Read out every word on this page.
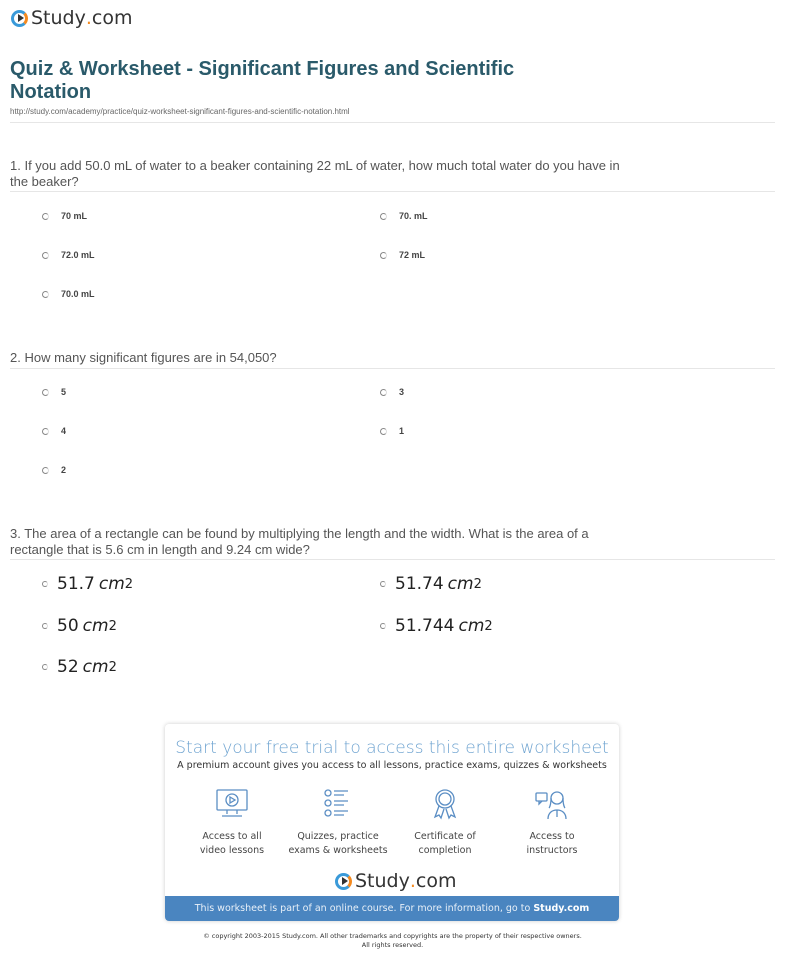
Study . com
Quiz & Worksheet - Significant Figures and Scientific Notation
http://study.com/academy/practice/quiz-worksheet-significant-figures-and-scientific-notation.html
1. If you add 50.0 mL of water to a beaker containing 22 mL of water, how much total water do you have in the beaker?
70 mL	70. mL
72.0 mL	72 mL
70.0 mL
2. How many significant figures are in 54,050?
5	3
4	1
2
3. The area of a rectangle can be found by multiplying the length and the width. What is the area of a rectangle that is 5.6 cm in length and 9.24 cm wide?
51.7 cm 2	51.74 cm 2
50 cm 2	51.744 cm 2
52 cm 2
Start your free trial to access this entire worksheet
A premium account gives you access to all lessons, practice exams, quizzes & worksheets
Access to all
video lessons
Quizzes, practice
exams & worksheets
Certificate of
completion
Access to
instructors
Study . com
This worksheet is part of an online course. For more information, go to Study.com
© copyright 2003-2015 Study.com. All other trademarks and copyrights are the property of their respective owners.
All rights reserved.
